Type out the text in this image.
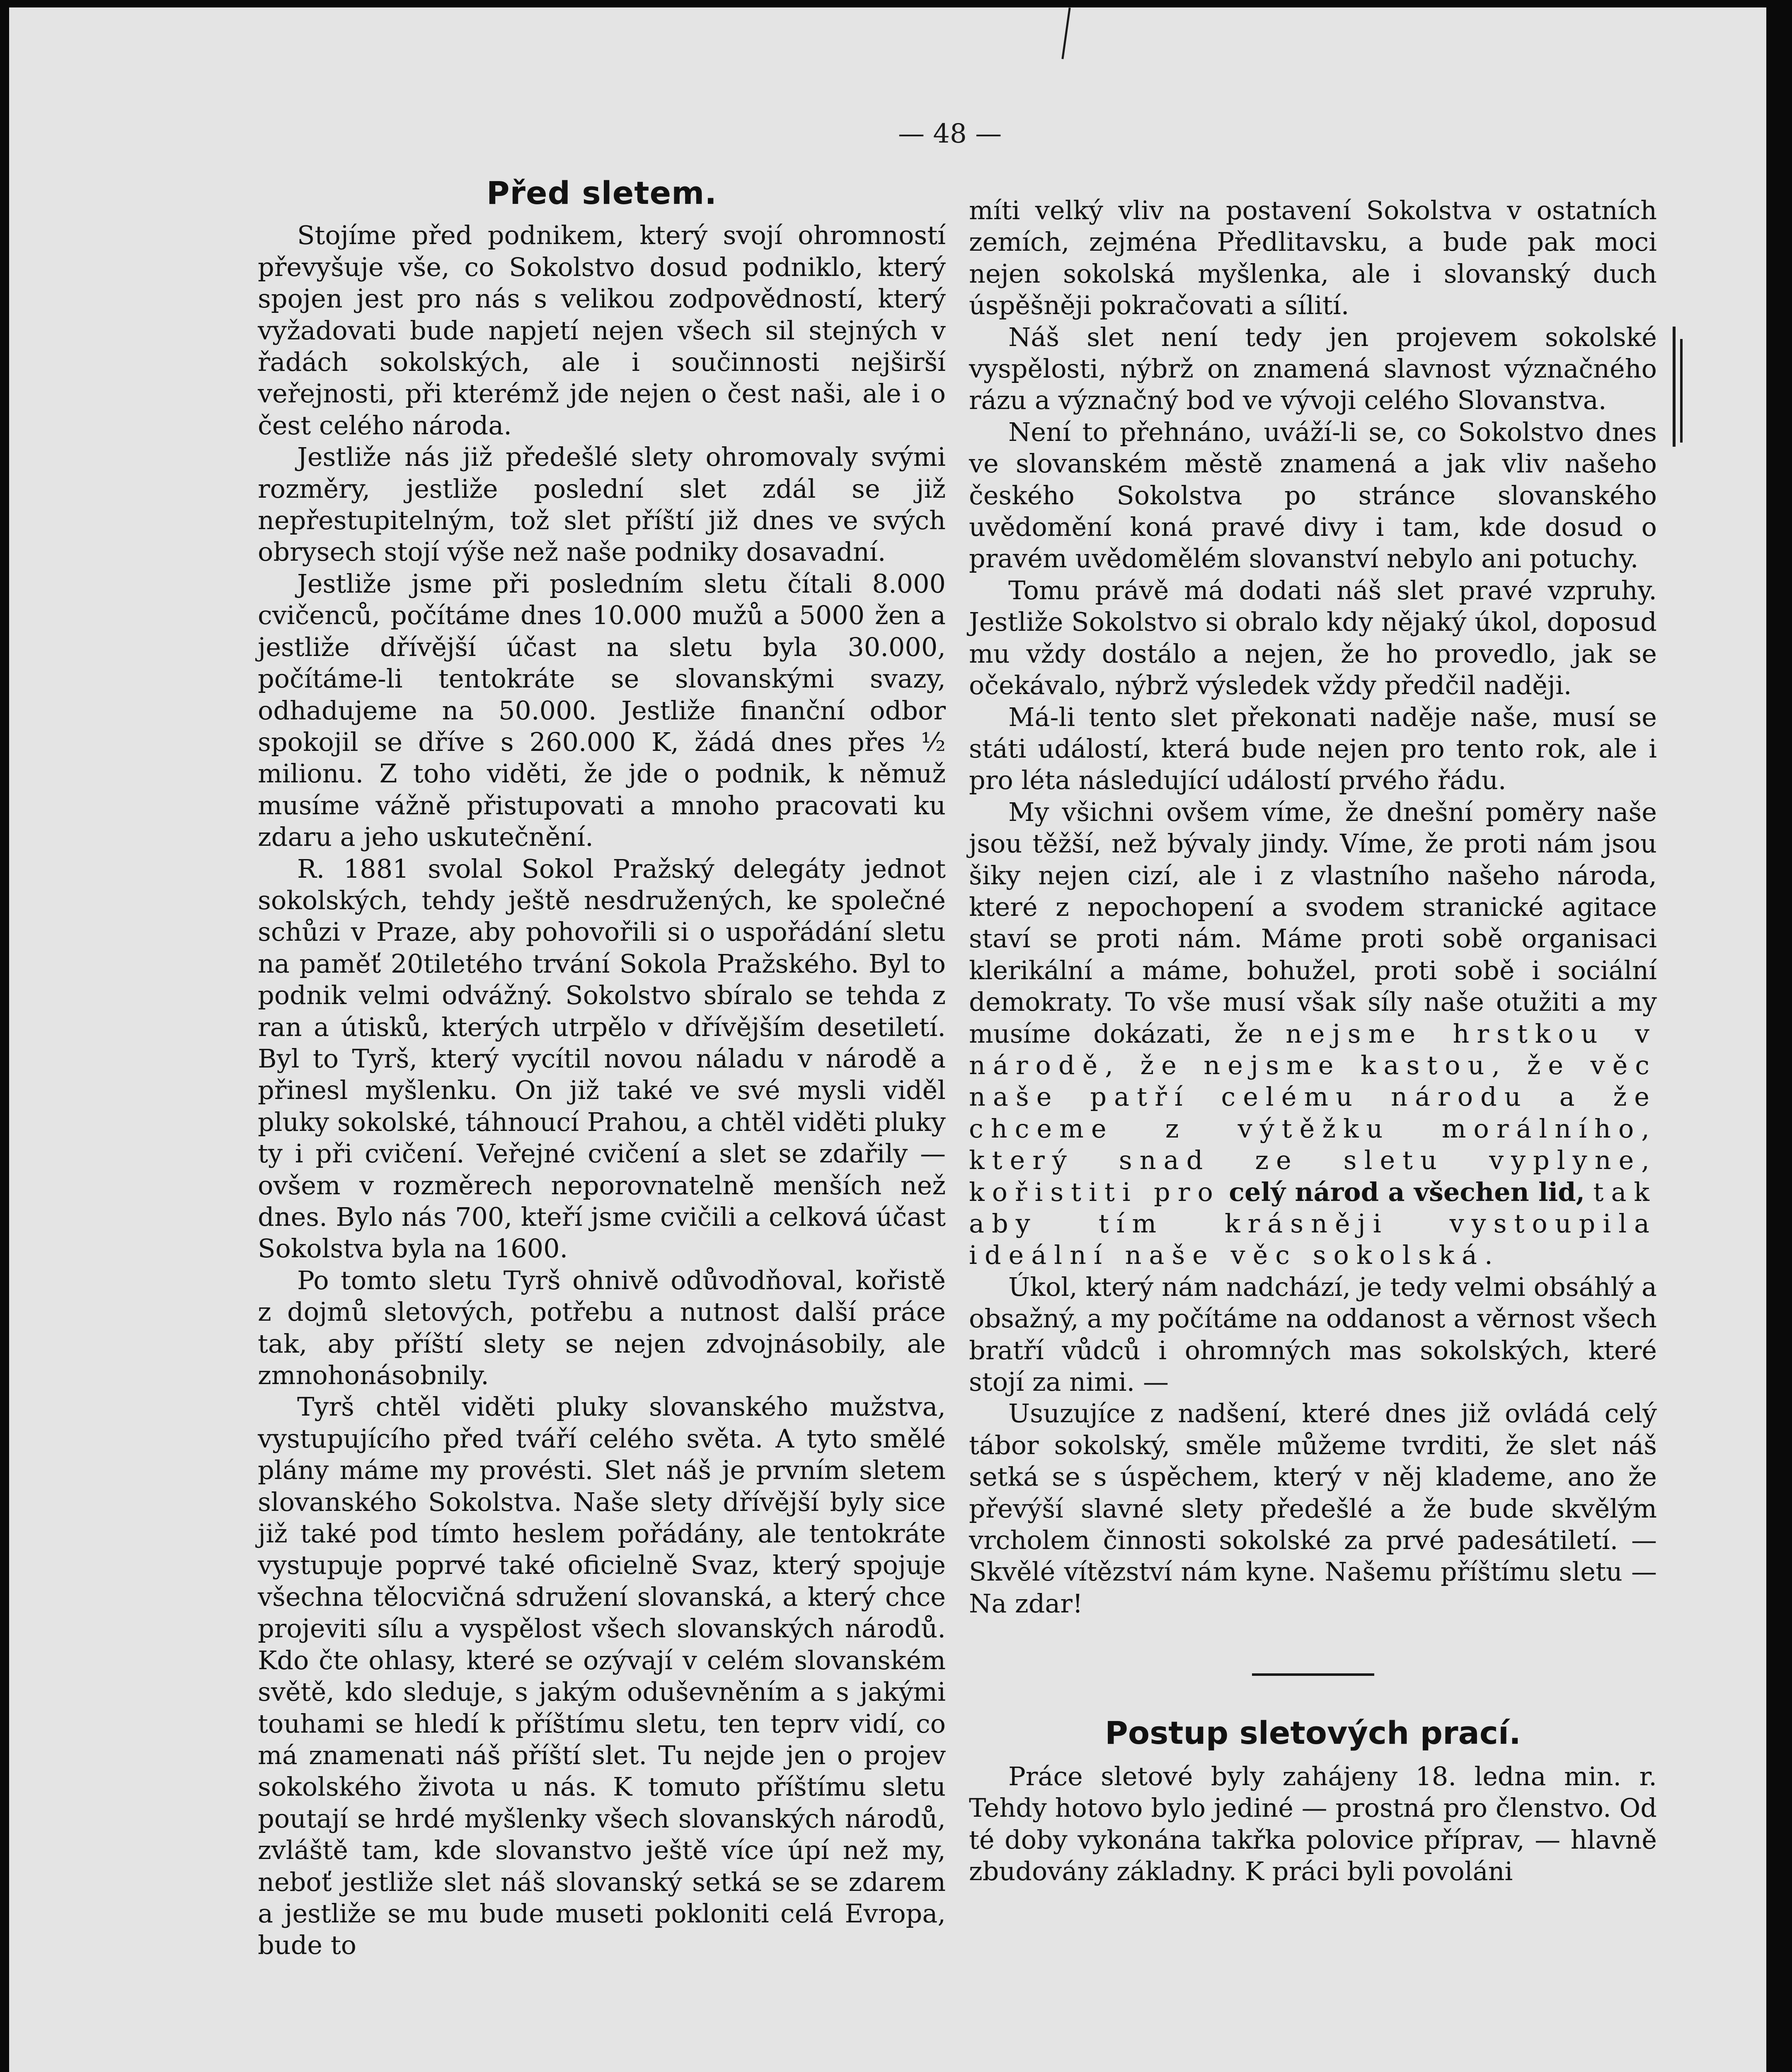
— 48 —
Před sletem.

Stojíme před podnikem, který svojí ohromností převyšuje vše, co Sokolstvo dosud podniklo, který spojen jest pro nás s velikou zodpovědností, který vyžadovati bude napjetí nejen všech sil stejných v řadách sokolských, ale i součinnosti nejširší veřejnosti, při kterémž jde nejen o čest naši, ale i o čest celého národa.

Jestliže nás již předešlé slety ohromovaly svými rozměry, jestliže poslední slet zdál se již nepřestupitelným, tož slet příští již dnes ve svých obrysech stojí výše než naše podniky dosavadní.

Jestliže jsme při posledním sletu čítali 8.000 cvičenců, počítáme dnes 10.000 mužů a 5000 žen a jestliže dřívější účast na sletu byla 30.000, počítáme-li tentokráte se slovanskými svazy, odhadujeme na 50.000. Jestliže finanční odbor spokojil se dříve s 260.000 K, žádá dnes přes ½ milionu. Z toho viděti, že jde o podnik, k němuž musíme vážně přistupovati a mnoho pracovati ku zdaru a jeho uskutečnění.

R. 1881 svolal Sokol Pražský delegáty jednot sokolských, tehdy ještě nesdružených, ke společné schůzi v Praze, aby pohovořili si o uspořádání sletu na paměť 20tiletého trvání Sokola Pražského. Byl to podnik velmi odvážný. Sokolstvo sbíralo se tehda z ran a útisků, kterých utrpělo v dřívějším desetiletí. Byl to Tyrš, který vycítil novou náladu v národě a přinesl myšlenku. On již také ve své mysli viděl pluky sokolské, táhnoucí Prahou, a chtěl viděti pluky ty i při cvičení. Veřejné cvičení a slet se zdařily — ovšem v rozměrech neporovnatelně menších než dnes. Bylo nás 700, kteří jsme cvičili a celková účast Sokolstva byla na 1600.

Po tomto sletu Tyrš ohnivě odůvodňoval, kořistě z dojmů sletových, potřebu a nutnost další práce tak, aby příští slety se nejen zdvojnásobily, ale zmnohonásobnily.

Tyrš chtěl viděti pluky slovanského mužstva, vystupujícího před tváří celého světa. A tyto smělé plány máme my provésti. Slet náš je prvním sletem slovanského Sokolstva. Naše slety dřívější byly sice již také pod tímto heslem pořádány, ale tentokráte vystupuje poprvé také oficielně Svaz, který spojuje všechna tělocvičná sdružení slovanská, a který chce projeviti sílu a vyspělost všech slovanských národů. Kdo čte ohlasy, které se ozývají v celém slovanském světě, kdo sleduje, s jakým oduševněním a s jakými touhami se hledí k příštímu sletu, ten teprv vidí, co má znamenati náš příští slet. Tu nejde jen o projev sokolského života u nás. K tomuto příštímu sletu poutají se hrdé myšlenky všech slovanských národů, zvláště tam, kde slovanstvo ještě více úpí než my, neboť jestliže slet náš slovanský setká se se zdarem a jestliže se mu bude museti pokloniti celá Evropa, bude to

míti velký vliv na postavení Sokolstva v ostatních zemích, zejména Předlitavsku, a bude pak moci nejen sokolská myšlenka, ale i slovanský duch úspěšněji pokračovati a sílití.

Náš slet není tedy jen projevem sokolské vyspělosti, nýbrž on znamená slavnost význačného rázu a význačný bod ve vývoji celého Slovanstva.

Není to přehnáno, uváží-li se, co Sokolstvo dnes ve slovanském městě znamená a jak vliv našeho českého Sokolstva po stránce slovanského uvědomění koná pravé divy i tam, kde dosud o pravém uvědomělém slovanství nebylo ani potuchy.

Tomu právě má dodati náš slet pravé vzpruhy. Jestliže Sokolstvo si obralo kdy nějaký úkol, doposud mu vždy dostálo a nejen, že ho provedlo, jak se očekávalo, nýbrž výsledek vždy předčil naději.

Má-li tento slet překonati naděje naše, musí se státi událostí, která bude nejen pro tento rok, ale i pro léta následující událostí prvého řádu.

My všichni ovšem víme, že dnešní poměry naše jsou těžší, než bývaly jindy. Víme, že proti nám jsou šiky nejen cizí, ale i z vlastního našeho národa, které z nepochopení a svodem stranické agitace staví se proti nám. Máme proti sobě organisaci klerikální a máme, bohužel, proti sobě i sociální demokraty. To vše musí však síly naše otužiti a my musíme dokázati, že nejsme hrstkou v národě, že nejsme kastou, že věc naše patří celému národu a že chceme z výtěžku morálního, který snad ze sletu vyplyne, kořistiti pro celý národ a všechen lid, tak aby tím krásněji vystoupila ideální naše věc sokolská.

Úkol, který nám nadchází, je tedy velmi obsáhlý a obsažný, a my počítáme na oddanost a věrnost všech bratří vůdců i ohromných mas sokolských, které stojí za nimi. —

Usuzujíce z nadšení, které dnes již ovládá celý tábor sokolský, směle můžeme tvrditi, že slet náš setká se s úspěchem, který v něj klademe, ano že převýší slavné slety předešlé a že bude skvělým vrcholem činnosti sokolské za prvé padesátiletí. — Skvělé vítězství nám kyne. Našemu příštímu sletu — Na zdar!

Postup sletových prací.

Práce sletové byly zahájeny 18. ledna min. r. Tehdy hotovo bylo jediné — prostná pro členstvo. Od té doby vykonána takřka polovice příprav, — hlavně zbudovány základny. K práci byli povoláni
